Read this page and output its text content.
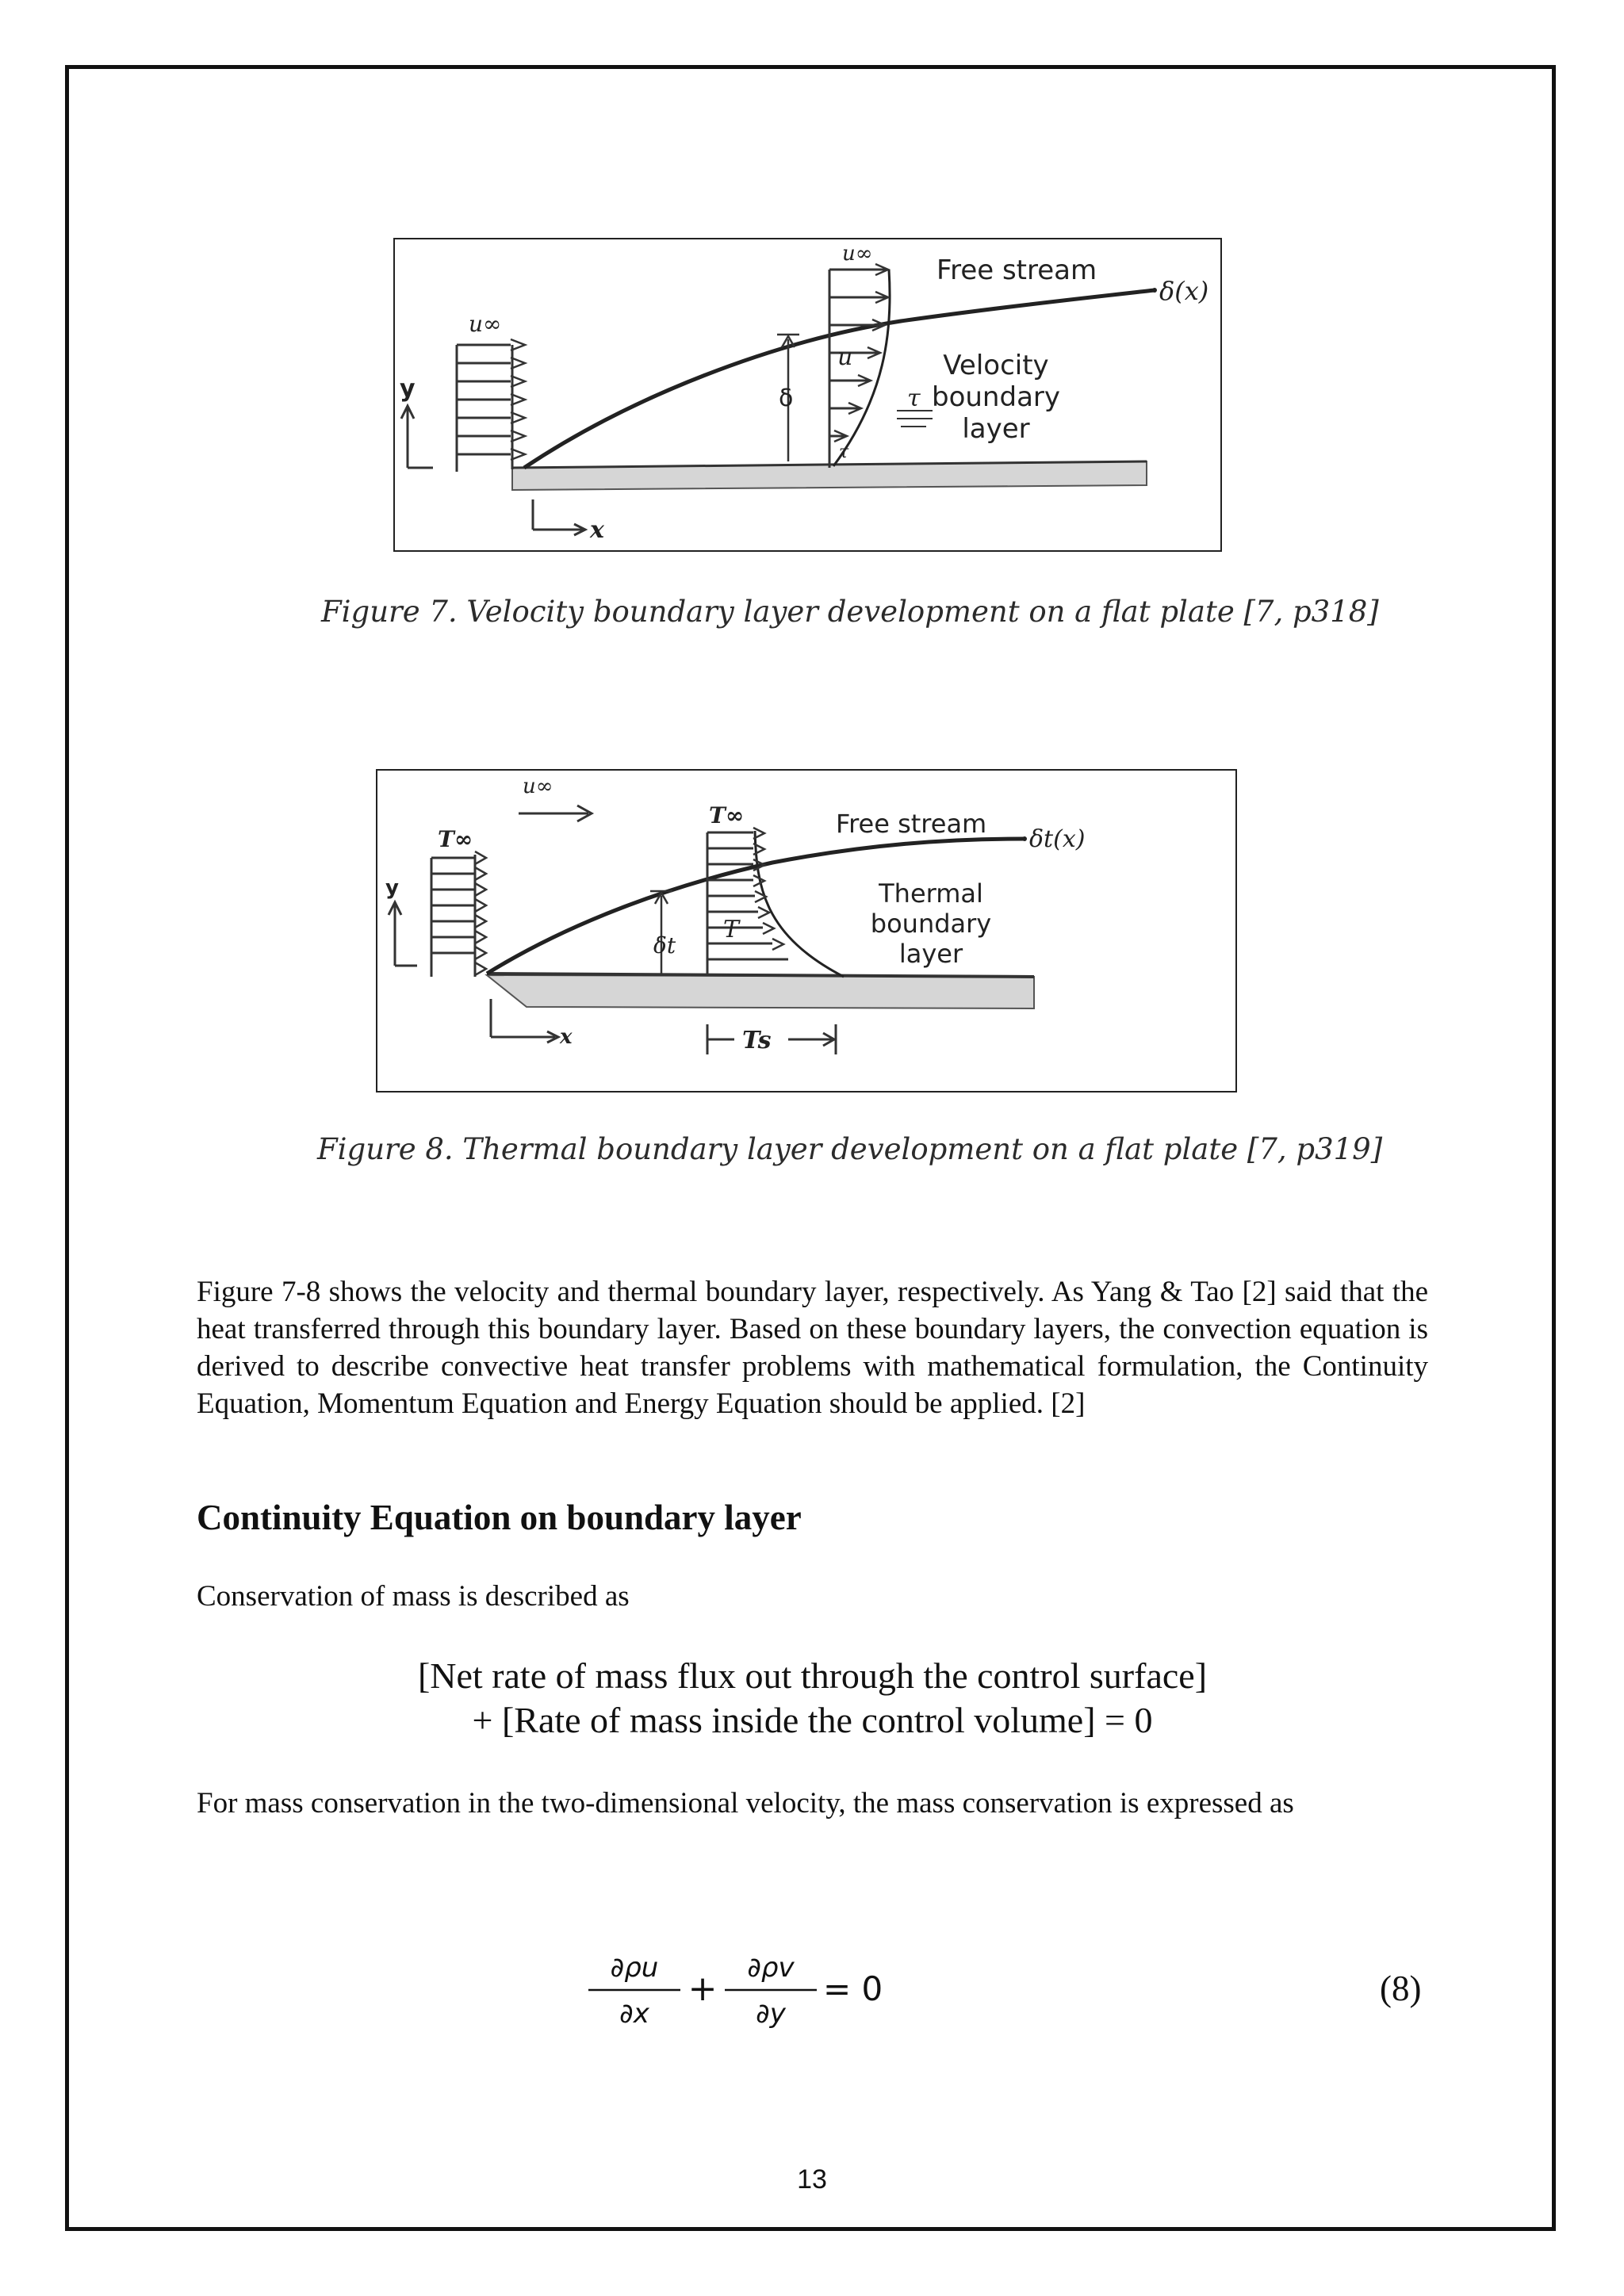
u∞
u∞
y
x
Free stream
δ(x)
δ
u
τ
τ
Velocity
boundary
layer
Figure 7. Velocity boundary layer development on a flat plate [7, p318]
u∞
T∞
T∞
y
x
Free stream
δt(x)
δt
T
Ts
Thermal
boundary
layer
Figure 8. Thermal boundary layer development on a flat plate [7, p319]

Figure 7-8 shows the velocity and thermal boundary layer, respectively. As Yang & Tao [2] said that the heat transferred through this boundary layer. Based on these boundary layers, the convection equation is derived to describe convective heat transfer problems with mathematical formulation, the Continuity Equation, Momentum Equation and Energy Equation should be applied. [2]

Continuity Equation on boundary layer

Conservation of mass is described as

[Net rate of mass flux out through the control surface]

+ [Rate of mass inside the control volume] = 0

For mass conservation in the two-dimensional velocity, the mass conservation is expressed as

∂ρu
∂x
+
∂ρv
∂y
= 0	(8)
13
